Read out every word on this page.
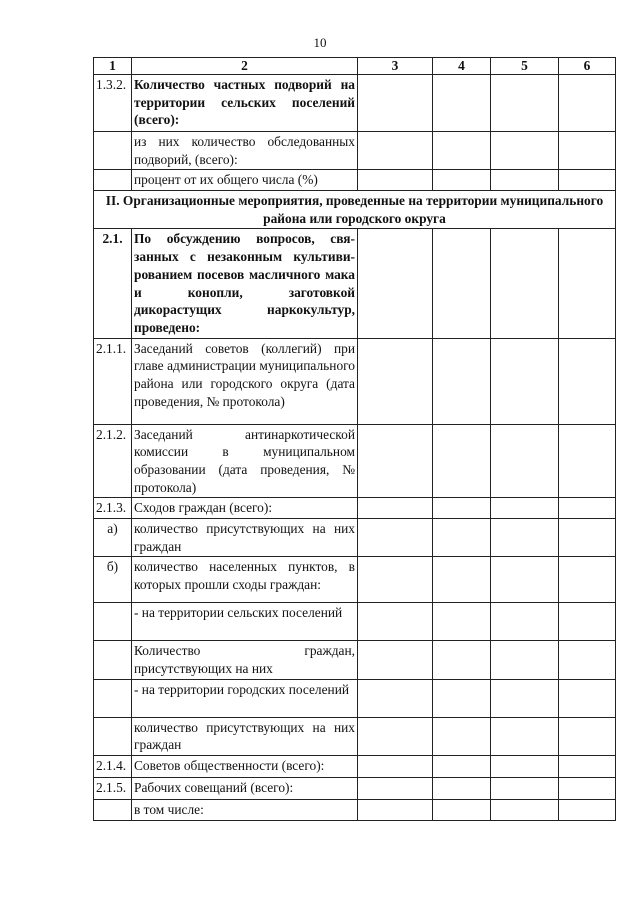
10
1	2	3	4	5	6
1.3.2.	Количество частных подворий на территории сельских поселений (всего):				
	из них количество обследованных подворий, (всего):				
	процент от их общего числа (%)				
II. Организационные мероприятия, проведенные на территории муниципального района или городского округа					
2.1.	По обсуждению вопросов, свя-занных с незаконным культиви-рованием посевов масличного мака и конопли, заготовкой дикорастущих наркокультур, проведено:				
2.1.1.	Заседаний советов (коллегий) при главе администрации муниципального района или городского округа (дата проведения, № протокола)				
2.1.2.	Заседаний антинаркотической комиссии в муниципальном образовании (дата проведения, № протокола)				
2.1.3.	Сходов граждан (всего):				
а)	количество присутствующих на них граждан				
б)	количество населенных пунктов, в которых прошли сходы граждан:				
	- на территории сельских поселений				
	Количество граждан, присутствующих на них				
	- на территории городских поселений				
	количество присутствующих на них граждан				
2.1.4.	Советов общественности (всего):				
2.1.5.	Рабочих совещаний (всего):				
	в том числе:				
